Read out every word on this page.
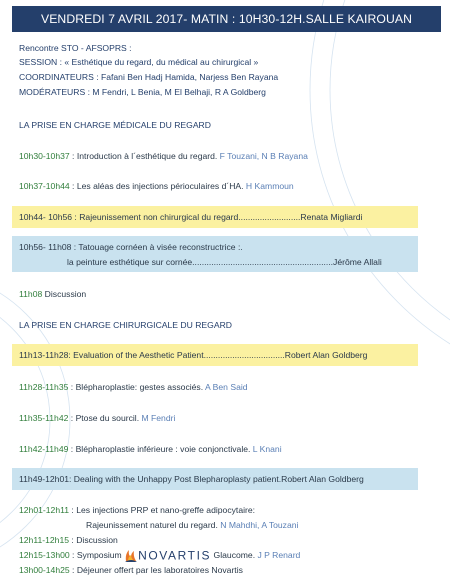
VENDREDI 7 AVRIL 2017- MATIN : 10H30-12H.SALLE KAIROUAN
Rencontre STO - AFSOPRS :
SESSION : « Esthétique du regard, du médical au chirurgical »
COORDINATEURS : Fafani Ben Hadj Hamida, Narjess Ben Rayana
MODÉRATEURS : M Fendri, L Benia, M El Belhaji, R A Goldberg
LA PRISE EN CHARGE MÉDICALE DU REGARD
10h30-10h37 : Introduction à l´esthétique du regard. F Touzani, N B Rayana
10h37-10h44 : Les aléas des injections périoculaires d´HA. H Kammoun
10h44- 10h56 : Rajeunissement non chirurgical du regard..........................Renata Migliardi
10h56- 11h08 : Tatouage cornéen à visée reconstructrice :.
la peinture esthétique sur cornée...........................................................Jérôme Allali
11h08 Discussion
LA PRISE EN CHARGE CHIRURGICALE DU REGARD
11h13-11h28: Evaluation of the Aesthetic Patient..................................Robert Alan Goldberg
11h28-11h35 : Blépharoplastie: gestes associés. A Ben Said
11h35-11h42 : Ptose du sourcil. M Fendri
11h42-11h49 : Blépharoplastie inférieure : voie conjonctivale. L Knani
11h49-12h01: Dealing with the Unhappy Post Blepharoplasty patient.Robert Alan Goldberg
12h01-12h11 : Les injections PRP et nano-greffe adipocytaire:
Rajeunissement naturel du regard. N Mahdhi, A Touzani
12h11-12h15 : Discussion
12h15-13h00 : Symposium NOVARTIS Glaucome. J P Renard
13h00-14h25 : Déjeuner offert par les laboratoires Novartis
